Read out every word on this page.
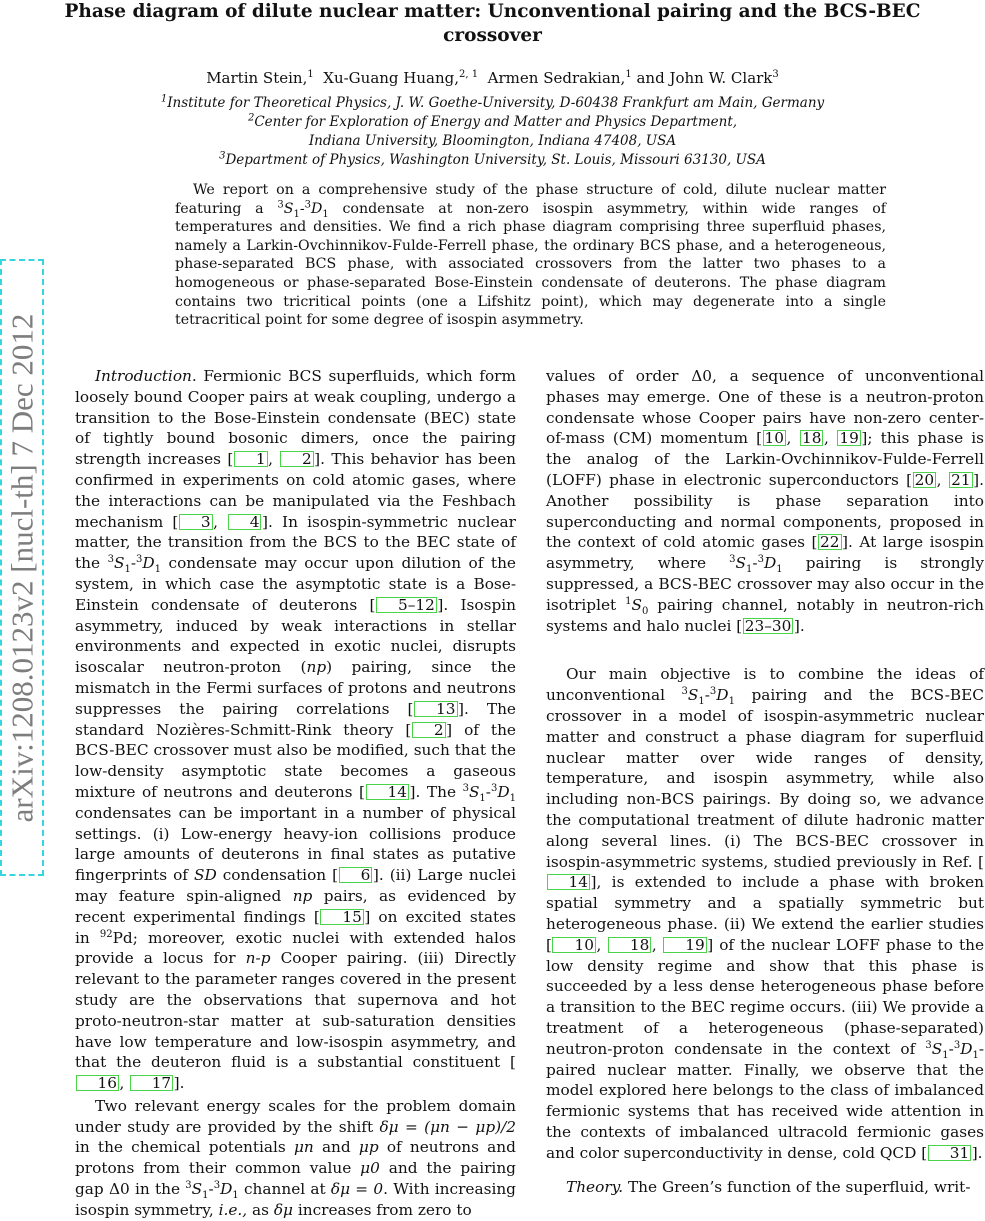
Phase diagram of dilute nuclear matter: Unconventional pairing and the BCS-BEC crossover
Martin Stein,$^1$ Xu-Guang Huang,$^{2, 1}$ Armen Sedrakian,$^1$ and John W. Clark$^3$
$^1$Institute for Theoretical Physics, J. W. Goethe-University, D-60438 Frankfurt am Main, Germany
$^2$Center for Exploration of Energy and Matter and Physics Department,
Indiana University, Bloomington, Indiana 47408, USA
$^3$Department of Physics, Washington University, St. Louis, Missouri 63130, USA

We report on a comprehensive study of the phase structure of cold, dilute nuclear matter featuring a $^3S_1-^3D_1$ condensate at non-zero isospin asymmetry, within wide ranges of temperatures and densities. We find a rich phase diagram comprising three superfluid phases, namely a Larkin-Ovchinnikov-Fulde-Ferrell phase, the ordinary BCS phase, and a heterogeneous, phase-separated BCS phase, with associated crossovers from the latter two phases to a homogeneous or phase-separated Bose-Einstein condensate of deuterons. The phase diagram contains two tricritical points (one a Lifshitz point), which may degenerate into a single tetracritical point for some degree of isospin asymmetry.

arXiv:1208.0123v2 [nucl-th] 7 Dec 2012	Introduction. Fermionic BCS superfluids, which form loosely bound Cooper pairs at weak coupling, undergo a transition to the Bose-Einstein condensate (BEC) state of tightly bound bosonic dimers, once the pairing strength increases [ 1 , 2 ]. This behavior has been confirmed in experiments on cold atomic gases, where the interactions can be manipulated via the Feshbach mechanism [ 3 , 4 ]. In isospin-symmetric nuclear matter, the transition from the BCS to the BEC state of the $^3S_1-^3D_1$ condensate may occur upon dilution of the system, in which case the asymptotic state is a Bose-Einstein condensate of deuterons [ 5–12 ]. Isospin asymmetry, induced by weak interactions in stellar environments and expected in exotic nuclei, disrupts isoscalar neutron-proton (np) pairing, since the mismatch in the Fermi surfaces of protons and neutrons suppresses the pairing correlations [ 13 ]. The standard Nozières-Schmitt-Rink theory [ 2 ] of the BCS-BEC crossover must also be modified, such that the low-density asymptotic state becomes a gaseous mixture of neutrons and deuterons [ 14 ]. The $^3S_1-^3D_1$ condensates can be important in a number of physical settings. (i) Low-energy heavy-ion collisions produce large amounts of deuterons in final states as putative fingerprints of SD condensation [ 6 ]. (ii) Large nuclei may feature spin-aligned np pairs, as evidenced by recent experimental findings [ 15 ] on excited states in $^{92}$Pd; moreover, exotic nuclei with extended halos provide a locus for n-p Cooper pairing. (iii) Directly relevant to the parameter ranges covered in the present study are the observations that supernova and hot proto-neutron-star matter at sub-saturation densities have low temperature and low-isospin asymmetry, and that the deuteron fluid is a substantial constituent [16 , 17 ].

Two relevant energy scales for the problem domain under study are provided by the shift δμ = (μn − μp)/2 in the chemical potentials μn and μp of neutrons and protons from their common value μ0 and the pairing gap Δ0 in the $^3S_1-^3D_1$ channel at δμ = 0. With increasing isospin symmetry, i.e., as δμ increases from zero to

values of order Δ0, a sequence of unconventional phases may emerge. One of these is a neutron-proton condensate whose Cooper pairs have non-zero center-of-mass (CM) momentum [ 10 , 18 , 19 ]; this phase is the analog of the Larkin-Ovchinnikov-Fulde-Ferrell (LOFF) phase in electronic superconductors [ 20 , 21 ]. Another possibility is phase separation into superconducting and normal components, proposed in the context of cold atomic gases [ 22 ]. At large isospin asymmetry, where $^3S_1-^3D_1$ pairing is strongly suppressed, a BCS-BEC crossover may also occur in the isotriplet $^1S_0$ pairing channel, notably in neutron-rich systems and halo nuclei [ 23–30 ].

Our main objective is to combine the ideas of unconventional $^3S_1-^3D_1$ pairing and the BCS-BEC crossover in a model of isospin-asymmetric nuclear matter and construct a phase diagram for superfluid nuclear matter over wide ranges of density, temperature, and isospin asymmetry, while also including non-BCS pairings. By doing so, we advance the computational treatment of dilute hadronic matter along several lines. (i) The BCS-BEC crossover in isospin-asymmetric systems, studied previously in Ref. [14 ], is extended to include a phase with broken spatial symmetry and a spatially symmetric but heterogeneous phase. (ii) We extend the earlier studies [ 10 , 18 , 19 ] of the nuclear LOFF phase to the low density regime and show that this phase is succeeded by a less dense heterogeneous phase before a transition to the BEC regime occurs. (iii) We provide a treatment of a heterogeneous (phase-separated) neutron-proton condensate in the context of $^3S_1-^3D_1$-paired nuclear matter. Finally, we observe that the model explored here belongs to the class of imbalanced fermionic systems that has received wide attention in the contexts of imbalanced ultracold fermionic gases and color superconductivity in dense, cold QCD [ 31 ].

Theory. The Green’s function of the superfluid, writ-
